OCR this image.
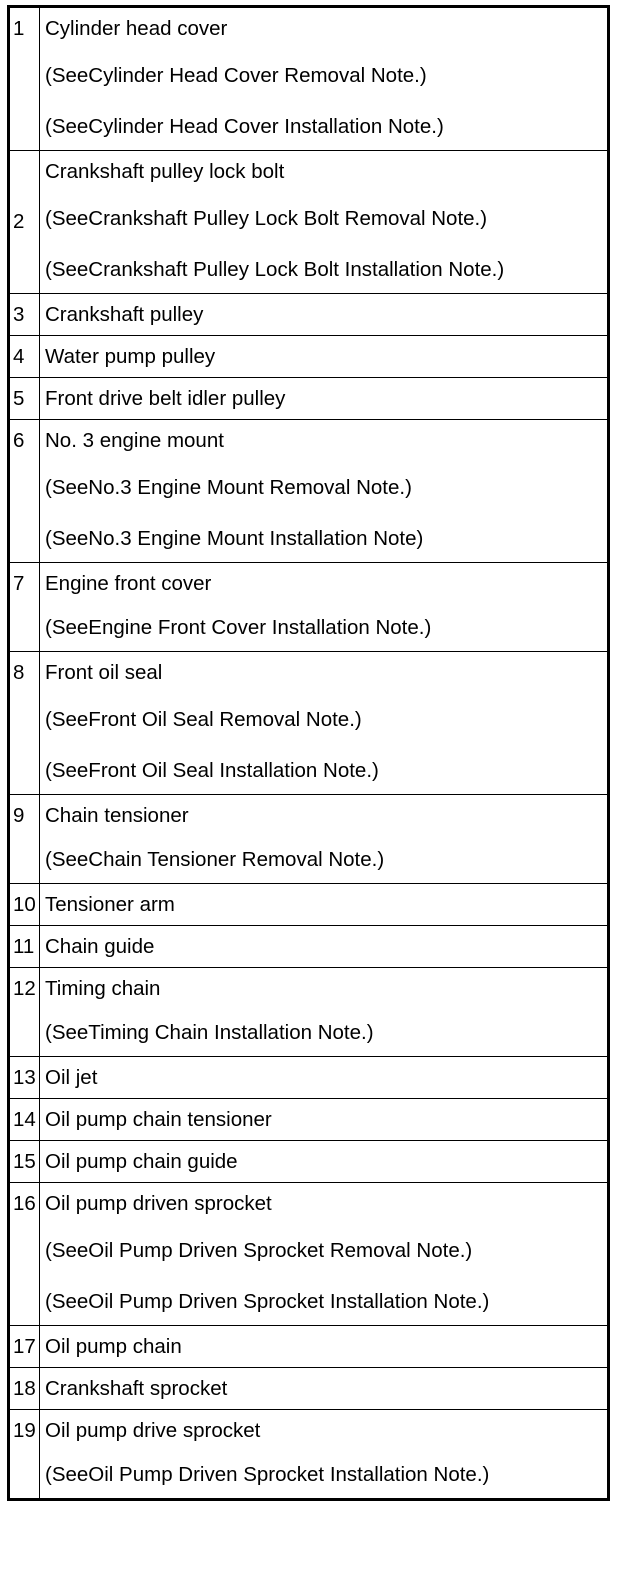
1	Cylinder head cover
(SeeCylinder Head Cover Removal Note.)
(SeeCylinder Head Cover Installation Note.)

2	Crankshaft pulley lock bolt
(SeeCrankshaft Pulley Lock Bolt Removal Note.)
(SeeCrankshaft Pulley Lock Bolt Installation Note.)

3	Crankshaft pulley

4	Water pump pulley

5	Front drive belt idler pulley

6	No. 3 engine mount
(SeeNo.3 Engine Mount Removal Note.)
(SeeNo.3 Engine Mount Installation Note)

7	Engine front cover
(SeeEngine Front Cover Installation Note.)

8	Front oil seal
(SeeFront Oil Seal Removal Note.)
(SeeFront Oil Seal Installation Note.)

9	Chain tensioner
(SeeChain Tensioner Removal Note.)

10	Tensioner arm

11	Chain guide

12	Timing chain
(SeeTiming Chain Installation Note.)

13	Oil jet

14	Oil pump chain tensioner

15	Oil pump chain guide

16	Oil pump driven sprocket
(SeeOil Pump Driven Sprocket Removal Note.)
(SeeOil Pump Driven Sprocket Installation Note.)

17	Oil pump chain

18	Crankshaft sprocket

19	Oil pump drive sprocket
(SeeOil Pump Driven Sprocket Installation Note.)
